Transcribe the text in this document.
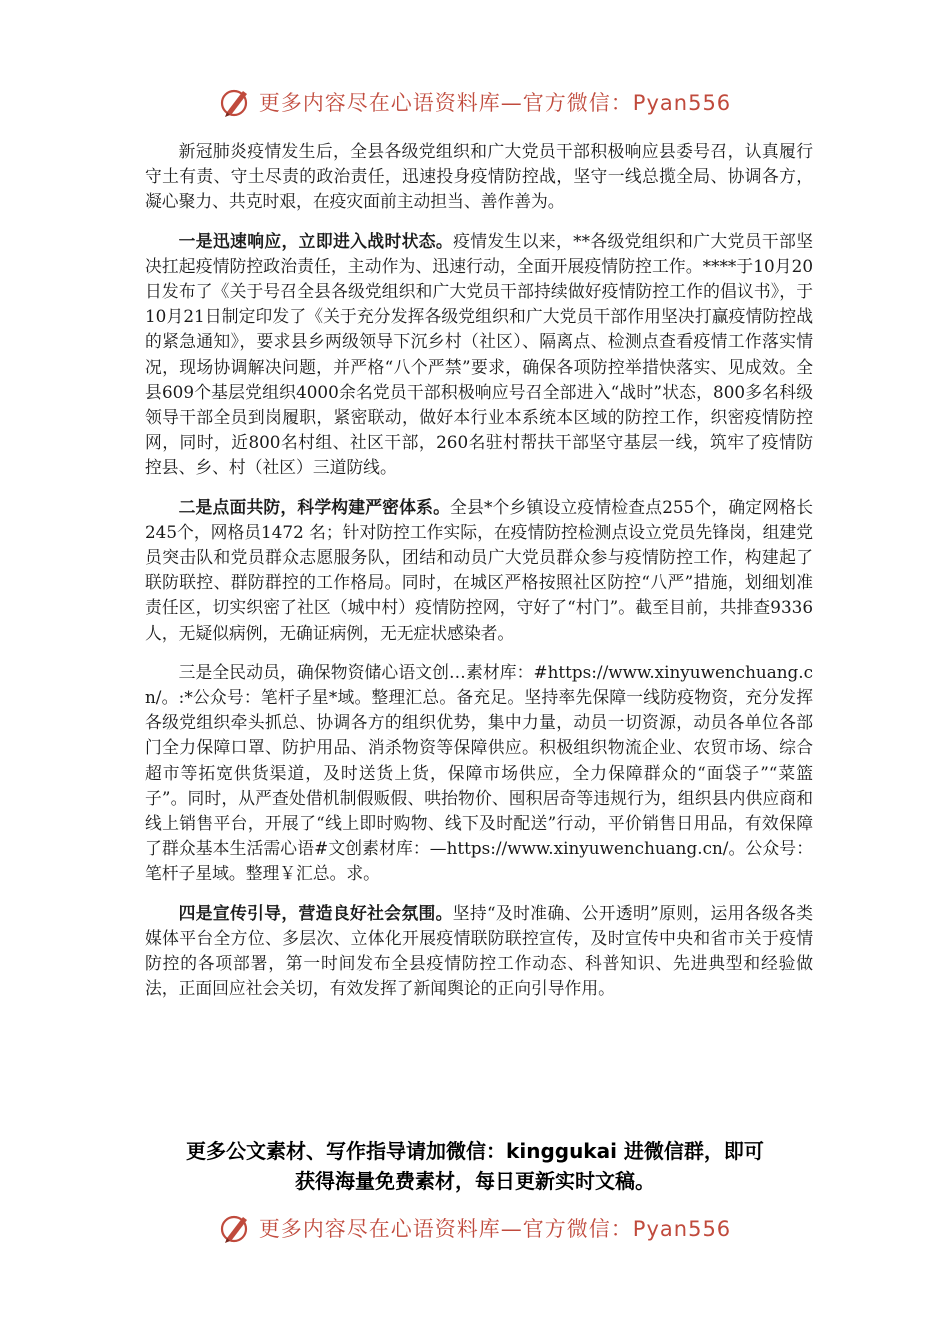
更多内容尽在心语资料库—官方微信：Pyan556

新冠肺炎疫情发生后，全县各级党组织和广大党员干部积极响应县委号召，认真履行守土有责、守土尽责的政治责任，迅速投身疫情防控战，坚守一线总揽全局、协调各方，凝心聚力、共克时艰，在疫灾面前主动担当、善作善为。

一是迅速响应，立即进入战时状态。疫情发生以来，**各级党组织和广大党员干部坚决扛起疫情防控政治责任，主动作为、迅速行动，全面开展疫情防控工作。****于10月20日发布了《关于号召全县各级党组织和广大党员干部持续做好疫情防控工作的倡议书》，于10月21日制定印发了《关于充分发挥各级党组织和广大党员干部作用坚决打赢疫情防控战的紧急通知》，要求县乡两级领导下沉乡村（社区）、隔离点、检测点查看疫情工作落实情况，现场协调解决问题，并严格“八个严禁”要求，确保各项防控举措快落实、见成效。全县609个基层党组织4000余名党员干部积极响应号召全部进入“战时”状态，800多名科级领导干部全员到岗履职，紧密联动，做好本行业本系统本区域的防控工作，织密疫情防控网，同时，近800名村组、社区干部，260名驻村帮扶干部坚守基层一线，筑牢了疫情防控县、乡、村（社区）三道防线。

二是点面共防，科学构建严密体系。全县*个乡镇设立疫情检查点255个，确定网格长245个，网格员1472 名；针对防控工作实际，在疫情防控检测点设立党员先锋岗，组建党员突击队和党员群众志愿服务队，团结和动员广大党员群众参与疫情防控工作，构建起了联防联控、群防群控的工作格局。同时，在城区严格按照社区防控“八严”措施，划细划准责任区，切实织密了社区（城中村）疫情防控网，守好了“村门”。截至目前，共排查9336人，无疑似病例，无确证病例，无无症状感染者。

三是全民动员，确保物资储心语文创…素材库：#https://www.xinyuwenchuang.cn/。:*公众号：笔杆子星*域。整理汇总。备充足。坚持率先保障一线防疫物资，充分发挥各级党组织牵头抓总、协调各方的组织优势，集中力量，动员一切资源，动员各单位各部门全力保障口罩、防护用品、消杀物资等保障供应。积极组织物流企业、农贸市场、综合超市等拓宽供货渠道，及时送货上货，保障市场供应，全力保障群众的“面袋子”“菜篮子”。同时，从严查处借机制假贩假、哄抬物价、囤积居奇等违规行为，组织县内供应商和线上销售平台，开展了“线上即时购物、线下及时配送”行动，平价销售日用品，有效保障了群众基本生活需心语#文创素材库：—https://www.xinyuwenchuang.cn/。公众号：笔杆子星域。整理￥汇总。求。

四是宣传引导，营造良好社会氛围。坚持“及时准确、公开透明”原则，运用各级各类媒体平台全方位、多层次、立体化开展疫情联防联控宣传，及时宣传中央和省市关于疫情防控的各项部署，第一时间发布全县疫情防控工作动态、科普知识、先进典型和经验做法，正面回应社会关切，有效发挥了新闻舆论的正向引导作用。

更多公文素材、写作指导请加微信：kinggukai 进微信群，即可
获得海量免费素材，每日更新实时文稿。
更多内容尽在心语资料库—官方微信：Pyan556
